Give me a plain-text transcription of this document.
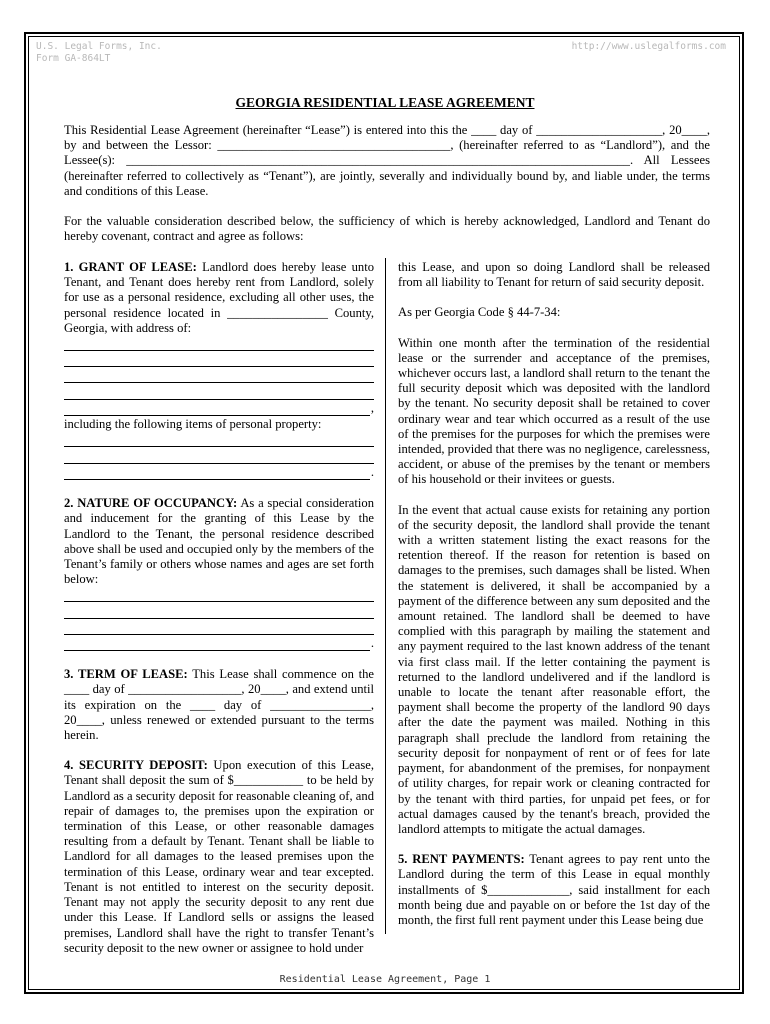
U.S. Legal Forms, Inc.
Form GA-864LT
http://www.uslegalforms.com
GEORGIA RESIDENTIAL LEASE AGREEMENT

This Residential Lease Agreement (hereinafter “Lease”) is entered into this the ____ day of ____________________, 20____, by and between the Lessor: _____________________________________, (hereinafter referred to as “Landlord”), and the Lessee(s): ________________________________________________________________________________. All Lessees (hereinafter referred to collectively as “Tenant”), are jointly, severally and individually bound by, and liable under, the terms and conditions of this Lease.

For the valuable consideration described below, the sufficiency of which is hereby acknowledged, Landlord and Tenant do hereby covenant, contract and agree as follows:

1. GRANT OF LEASE: Landlord does hereby lease unto Tenant, and Tenant does hereby rent from Landlord, solely for use as a personal residence, excluding all other uses, the personal residence located in ________________ County, Georgia, with address of:

,

including the following items of personal property:

.

2. NATURE OF OCCUPANCY: As a special consideration and inducement for the granting of this Lease by the Landlord to the Tenant, the personal residence described above shall be used and occupied only by the members of the Tenant’s family or others whose names and ages are set forth below:

.

3. TERM OF LEASE: This Lease shall commence on the ____ day of __________________, 20____, and extend until its expiration on the ____ day of ________________, 20____, unless renewed or extended pursuant to the terms herein.

4. SECURITY DEPOSIT: Upon execution of this Lease, Tenant shall deposit the sum of $___________ to be held by Landlord as a security deposit for reasonable cleaning of, and repair of damages to, the premises upon the expiration or termination of this Lease, or other reasonable damages resulting from a default by Tenant. Tenant shall be liable to Landlord for all damages to the leased premises upon the termination of this Lease, ordinary wear and tear excepted. Tenant is not entitled to interest on the security deposit. Tenant may not apply the security deposit to any rent due under this Lease. If Landlord sells or assigns the leased premises, Landlord shall have the right to transfer Tenant’s security deposit to the new owner or assignee to hold under

this Lease, and upon so doing Landlord shall be released from all liability to Tenant for return of said security deposit.

As per Georgia Code § 44-7-34:

Within one month after the termination of the residential lease or the surrender and acceptance of the premises, whichever occurs last, a landlord shall return to the tenant the full security deposit which was deposited with the landlord by the tenant. No security deposit shall be retained to cover ordinary wear and tear which occurred as a result of the use of the premises for the purposes for which the premises were intended, provided that there was no negligence, carelessness, accident, or abuse of the premises by the tenant or members of his household or their invitees or guests.

In the event that actual cause exists for retaining any portion of the security deposit, the landlord shall provide the tenant with a written statement listing the exact reasons for the retention thereof. If the reason for retention is based on damages to the premises, such damages shall be listed. When the statement is delivered, it shall be accompanied by a payment of the difference between any sum deposited and the amount retained. The landlord shall be deemed to have complied with this paragraph by mailing the statement and any payment required to the last known address of the tenant via first class mail. If the letter containing the payment is returned to the landlord undelivered and if the landlord is unable to locate the tenant after reasonable effort, the payment shall become the property of the landlord 90 days after the date the payment was mailed. Nothing in this paragraph shall preclude the landlord from retaining the security deposit for nonpayment of rent or of fees for late payment, for abandonment of the premises, for nonpayment of utility charges, for repair work or cleaning contracted for by the tenant with third parties, for unpaid pet fees, or for actual damages caused by the tenant's breach, provided the landlord attempts to mitigate the actual damages.

5. RENT PAYMENTS: Tenant agrees to pay rent unto the Landlord during the term of this Lease in equal monthly installments of $_____________, said installment for each month being due and payable on or before the 1st day of the month, the first full rent payment under this Lease being due

Residential Lease Agreement, Page 1
